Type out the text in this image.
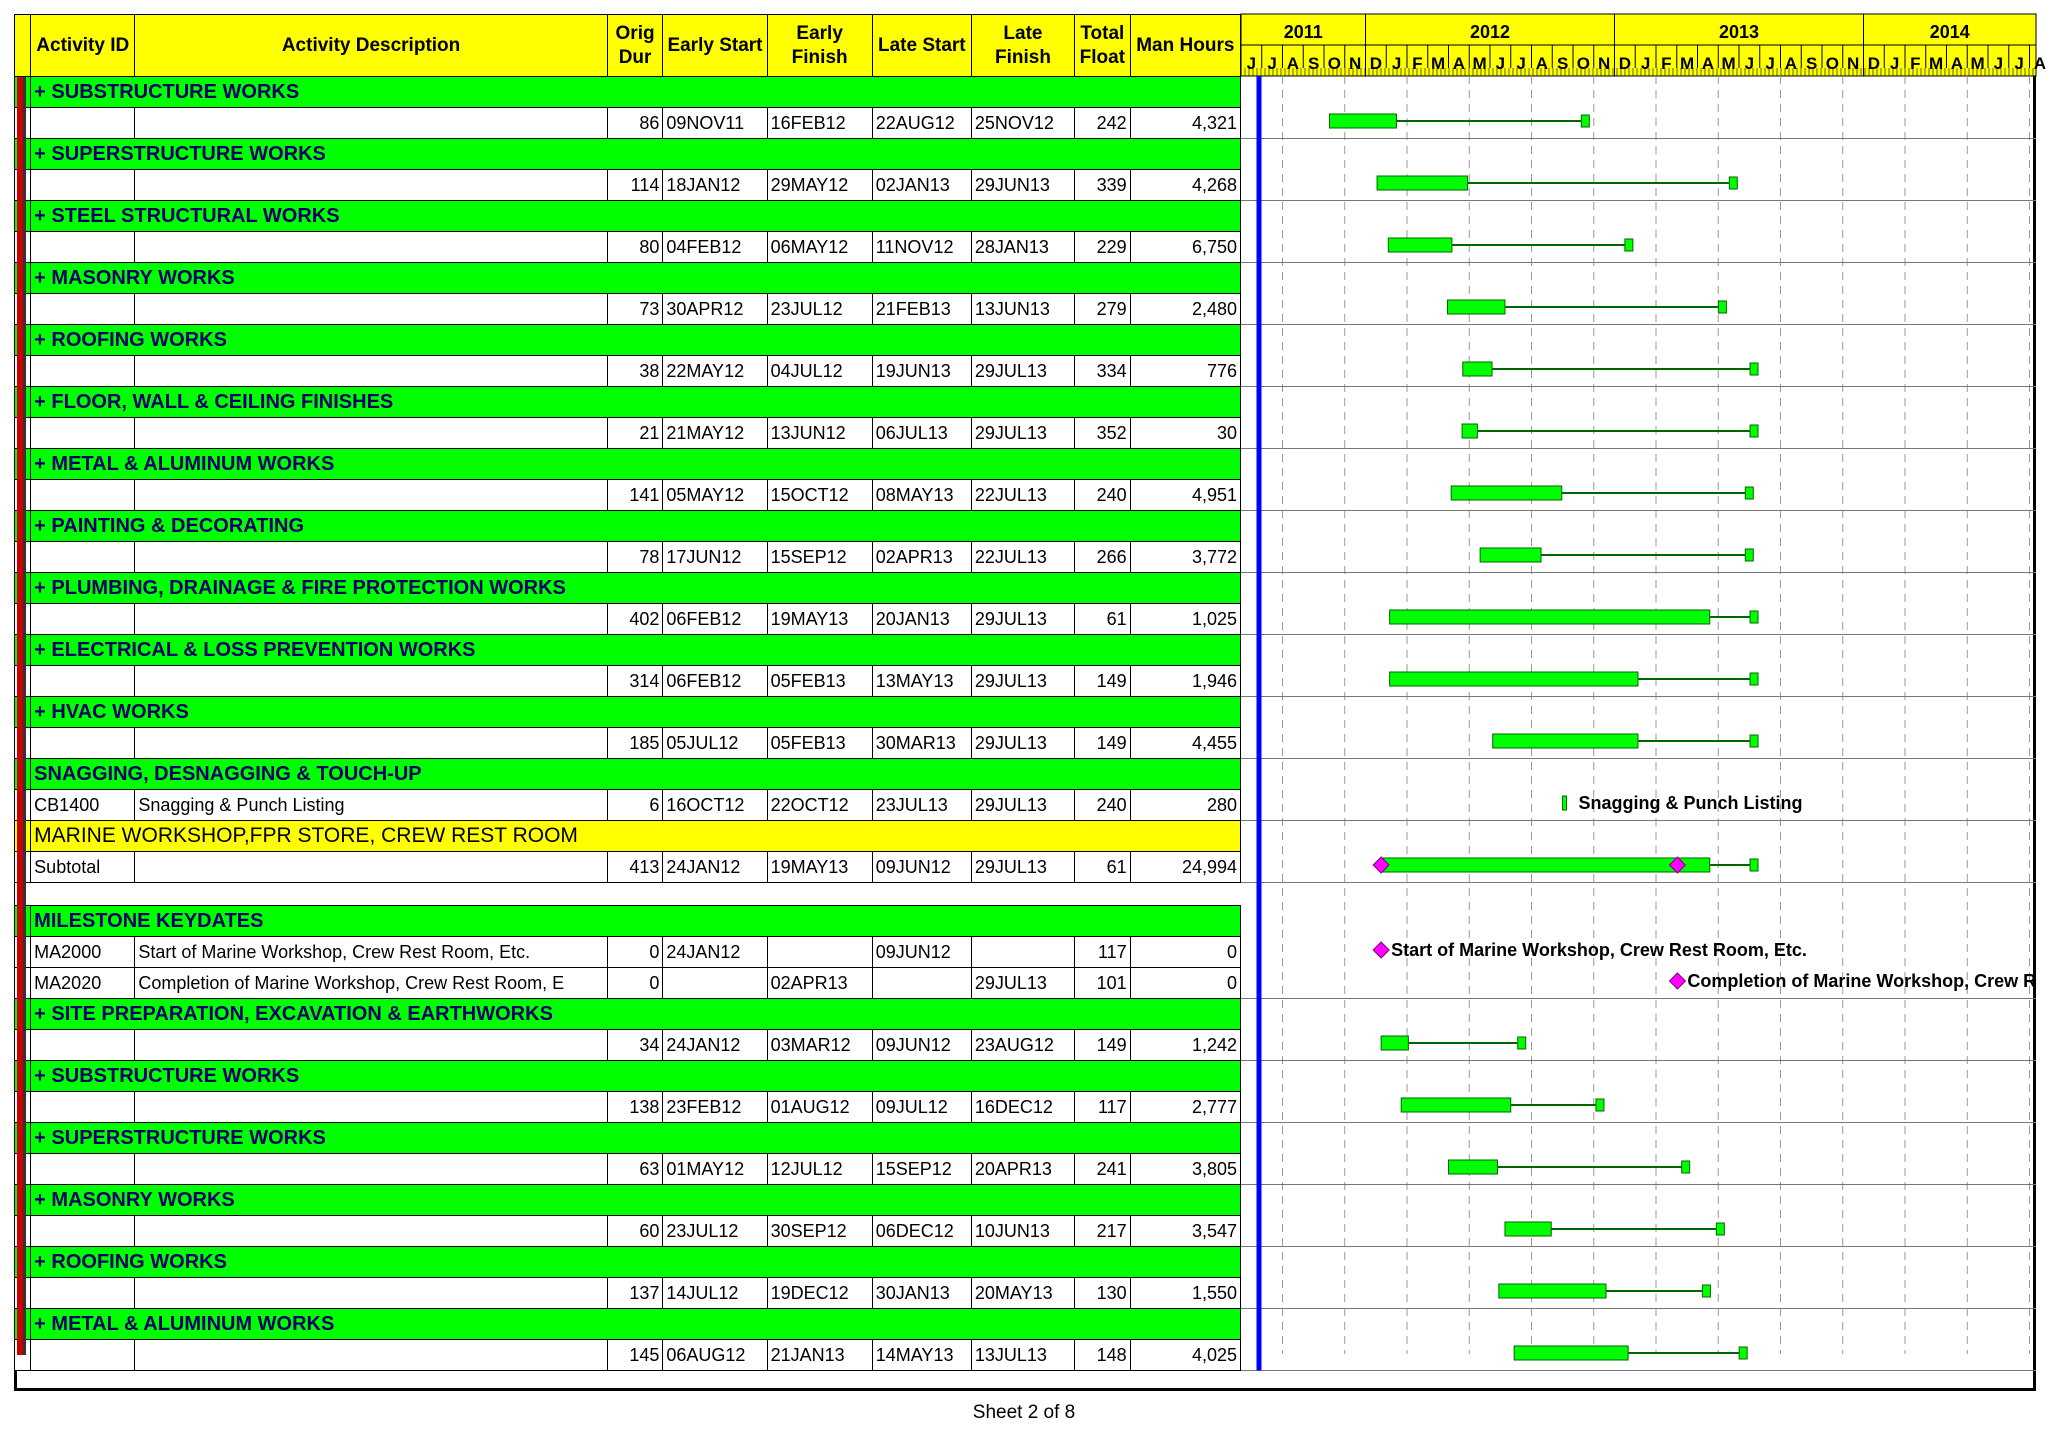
	Activity ID	Activity Description	Orig Dur	Early Start	Early Finish	Late Start	Late Finish	Total Float	Man Hours
	+ SUBSTRUCTURE WORKS								
			86	09NOV11	16FEB12	22AUG12	25NOV12	242	4,321
	+ SUPERSTRUCTURE WORKS								
			114	18JAN12	29MAY12	02JAN13	29JUN13	339	4,268
	+ STEEL STRUCTURAL WORKS								
			80	04FEB12	06MAY12	11NOV12	28JAN13	229	6,750
	+ MASONRY WORKS								
			73	30APR12	23JUL12	21FEB13	13JUN13	279	2,480
	+ ROOFING WORKS								
			38	22MAY12	04JUL12	19JUN13	29JUL13	334	776
	+ FLOOR, WALL & CEILING FINISHES								
			21	21MAY12	13JUN12	06JUL13	29JUL13	352	30
	+ METAL & ALUMINUM WORKS								
			141	05MAY12	15OCT12	08MAY13	22JUL13	240	4,951
	+ PAINTING & DECORATING								
			78	17JUN12	15SEP12	02APR13	22JUL13	266	3,772
	+ PLUMBING, DRAINAGE & FIRE PROTECTION WORKS								
			402	06FEB12	19MAY13	20JAN13	29JUL13	61	1,025
	+ ELECTRICAL & LOSS PREVENTION WORKS								
			314	06FEB12	05FEB13	13MAY13	29JUL13	149	1,946
	+ HVAC WORKS								
			185	05JUL12	05FEB13	30MAR13	29JUL13	149	4,455
	SNAGGING, DESNAGGING & TOUCH-UP								
	CB1400	Snagging & Punch Listing	6	16OCT12	22OCT12	23JUL13	29JUL13	240	280
	MARINE WORKSHOP,FPR STORE, CREW REST ROOM								
	Subtotal		413	24JAN12	19MAY13	09JUN12	29JUL13	61	24,994

	MILESTONE KEYDATES								
	MA2000	Start of Marine Workshop, Crew Rest Room, Etc.	0	24JAN12		09JUN12		117	0
	MA2020	Completion of Marine Workshop, Crew Rest Room, E	0		02APR13		29JUL13	101	0
	+ SITE PREPARATION, EXCAVATION & EARTHWORKS								
			34	24JAN12	03MAR12	09JUN12	23AUG12	149	1,242
	+ SUBSTRUCTURE WORKS								
			138	23FEB12	01AUG12	09JUL12	16DEC12	117	2,777
	+ SUPERSTRUCTURE WORKS								
			63	01MAY12	12JUL12	15SEP12	20APR13	241	3,805
	+ MASONRY WORKS								
			60	23JUL12	30SEP12	06DEC12	10JUN13	217	3,547
	+ ROOFING WORKS								
			137	14JUL12	19DEC12	30JAN13	20MAY13	130	1,550
	+ METAL & ALUMINUM WORKS								
			145	06AUG12	21JAN13	14MAY13	13JUL13	148	4,025
2011	2012	2013	2014
J J A S O N D J F M A M J J A S O N D J F M A M J J A S O N D J F M A M J J A
Snagging & Punch Listing
Start of Marine Workshop, Crew Rest Room, Etc.
Completion of Marine Workshop, Crew R
Sheet 2 of 8
